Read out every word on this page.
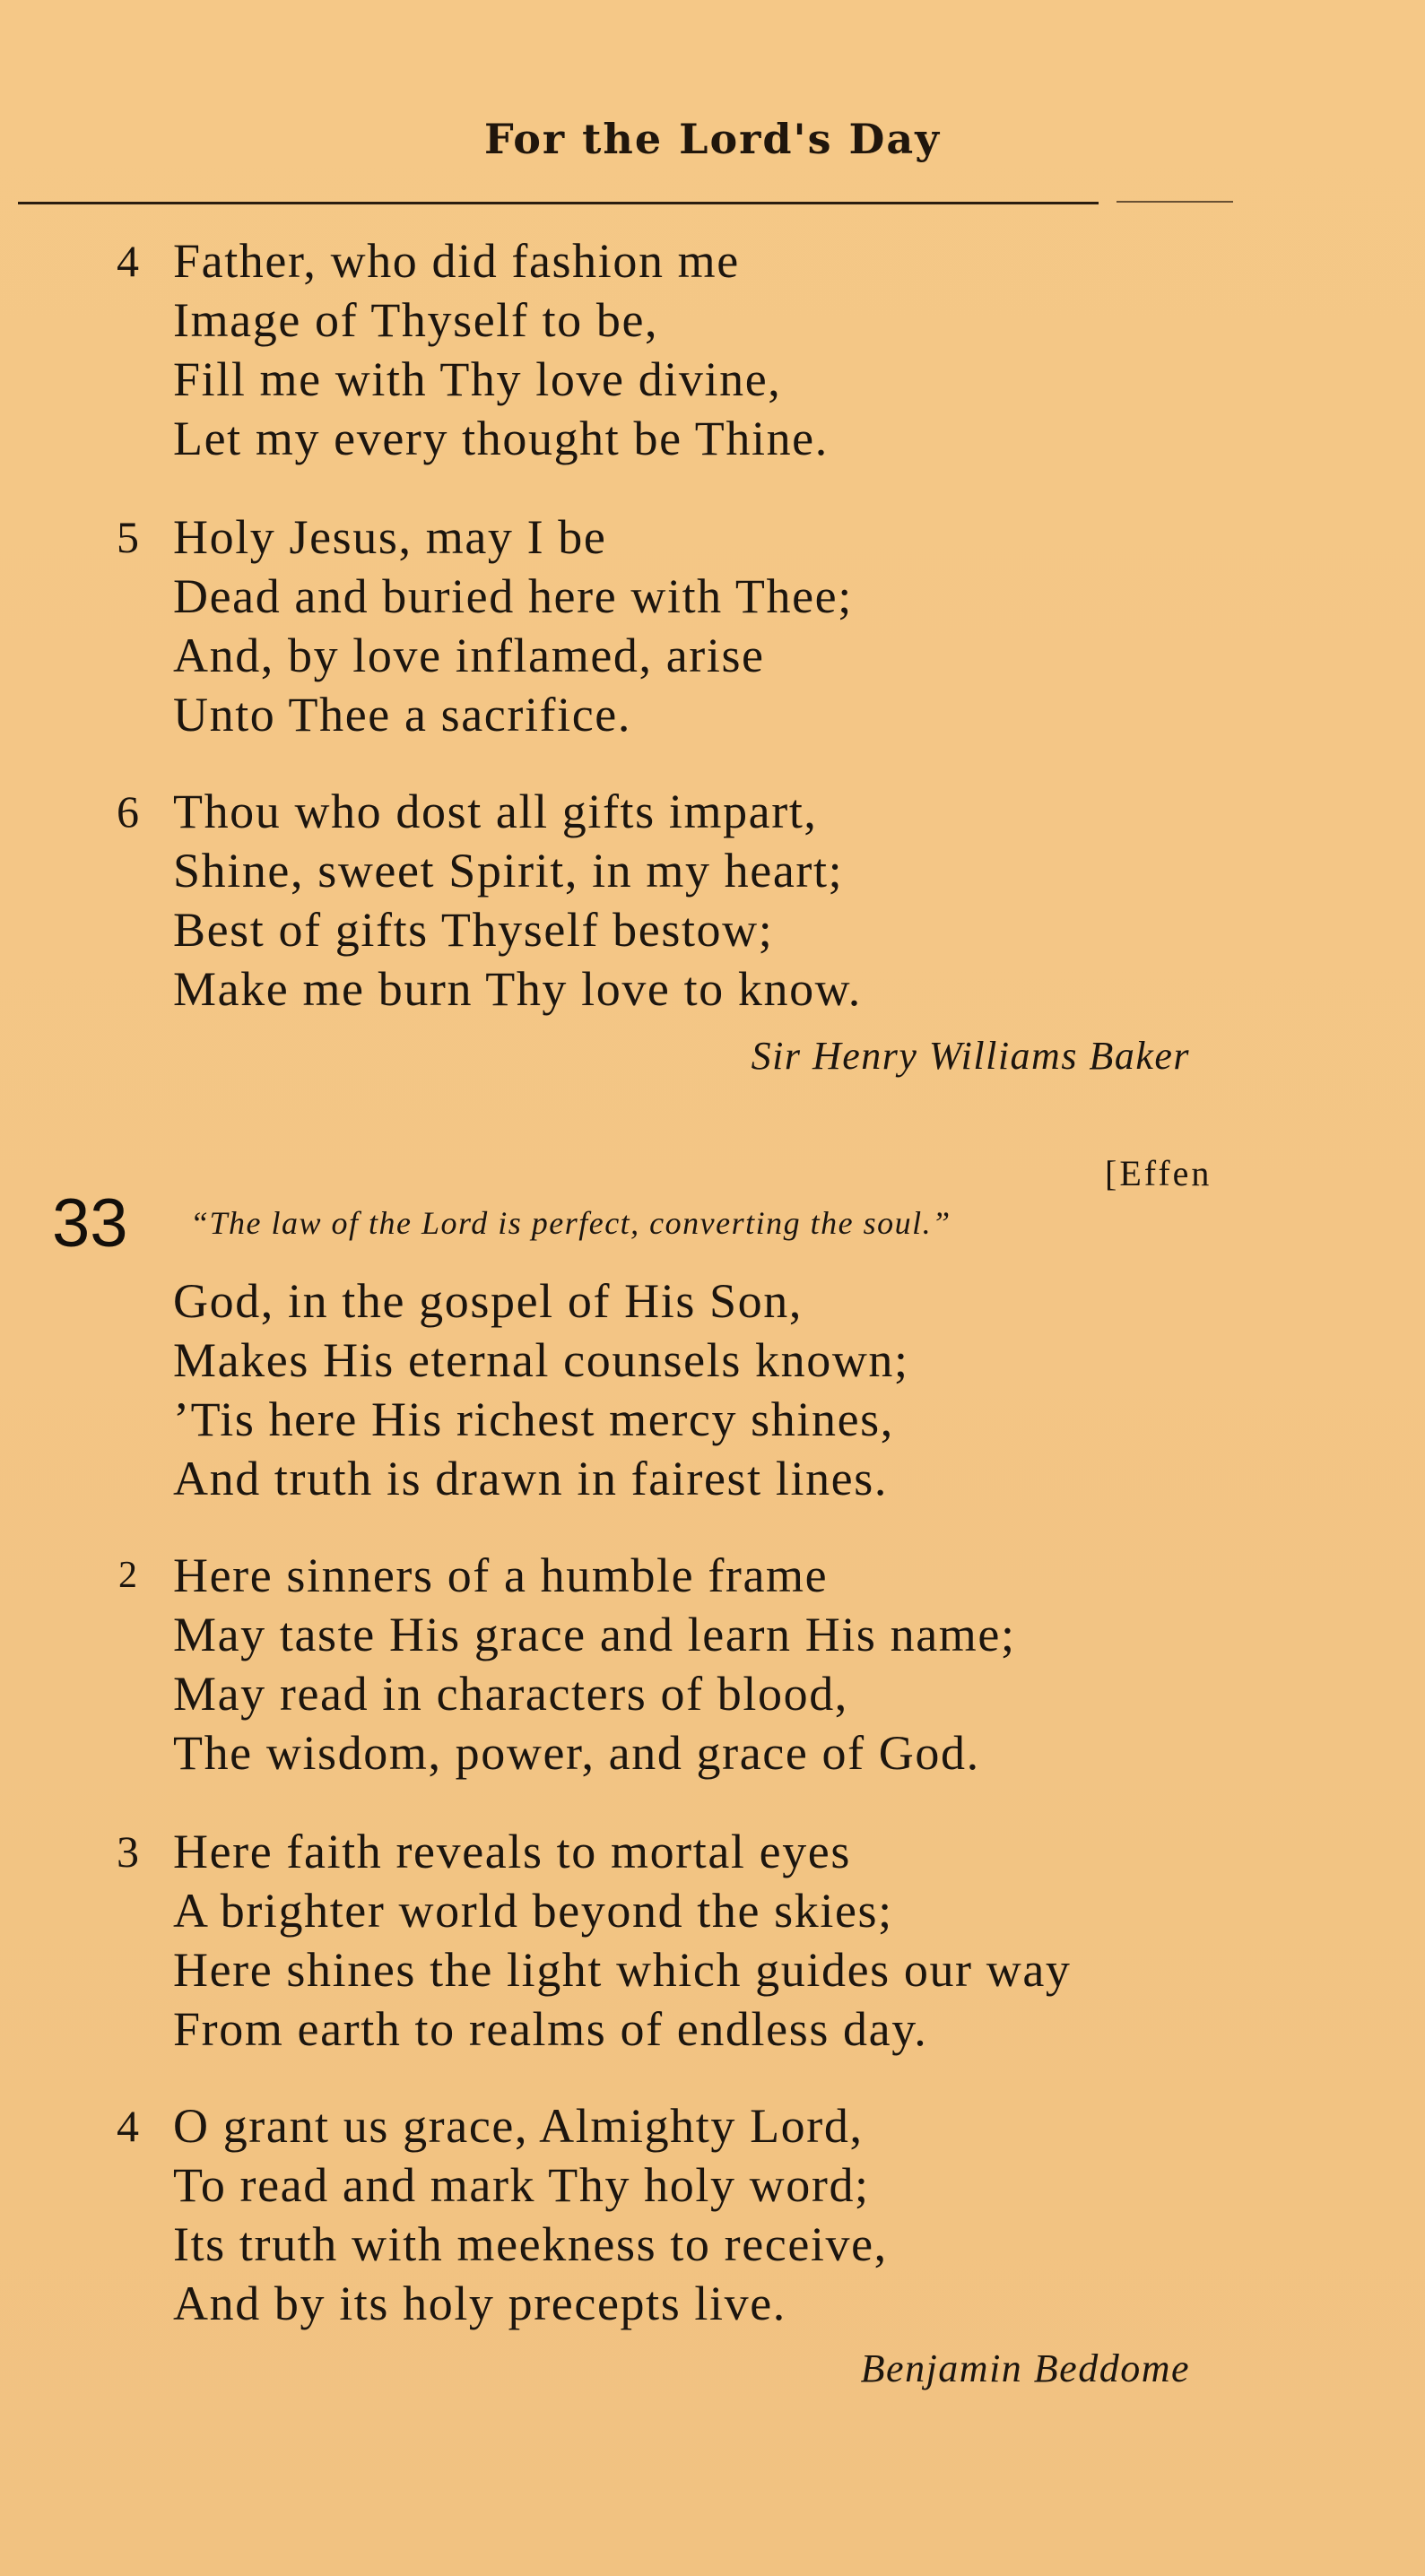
For the Lord's Day
4 Father, who did fashion me
Image of Thyself to be,
Fill me with Thy love divine,
Let my every thought be Thine.
5 Holy Jesus, may I be
Dead and buried here with Thee;
And, by love inflamed, arise
Unto Thee a sacrifice.
6 Thou who dost all gifts impart,
Shine, sweet Spirit, in my heart;
Best of gifts Thyself bestow;
Make me burn Thy love to know.
Sir Henry Williams Baker
[Effen
33 “The law of the Lord is perfect, converting the soul.”
God, in the gospel of His Son,
Makes His eternal counsels known;
’Tis here His richest mercy shines,
And truth is drawn in fairest lines.
2 Here sinners of a humble frame
May taste His grace and learn His name;
May read in characters of blood,
The wisdom, power, and grace of God.
3 Here faith reveals to mortal eyes
A brighter world beyond the skies;
Here shines the light which guides our way
From earth to realms of endless day.
4 O grant us grace, Almighty Lord,
To read and mark Thy holy word;
Its truth with meekness to receive,
And by its holy precepts live.
Benjamin Beddome
